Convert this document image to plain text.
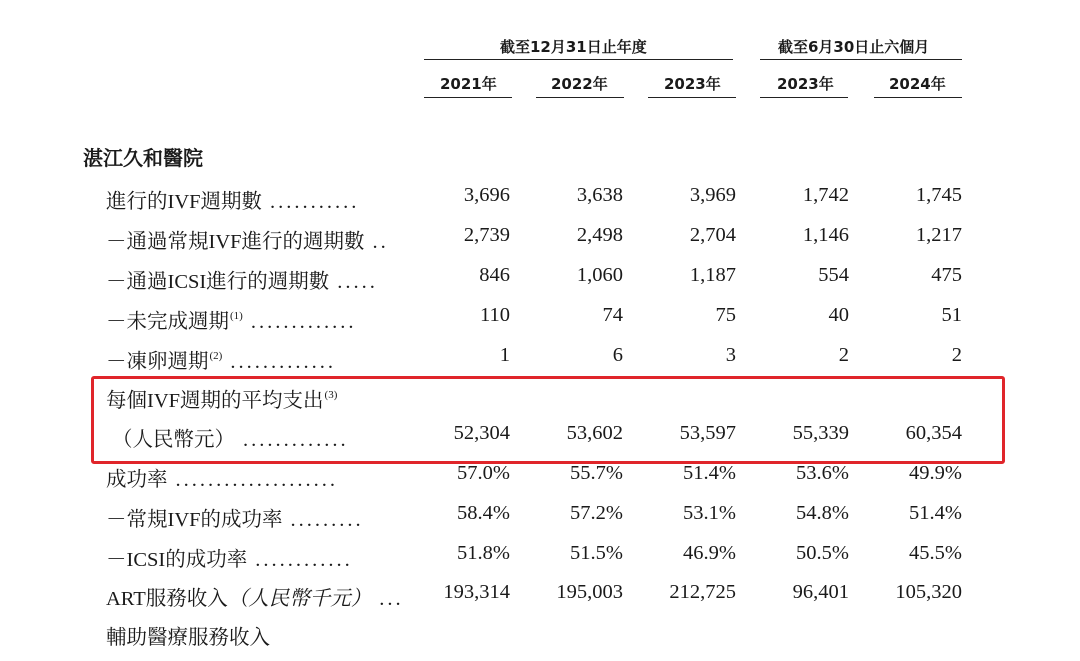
截至12月31日止年度	截至6月30日止六個月
2021年	2022年	2023年	2023年	2024年
湛江久和醫院
進行的IVF週期數 ...........	3,696	3,638	3,969	1,742	1,745
－通過常規IVF進行的週期數 ..	2,739	2,498	2,704	1,146	1,217
－通過ICSI進行的週期數 .....	846	1,060	1,187	554	475
－未完成週期$^{(1)}$ .............	110	74	75	40	51
－凍卵週期$^{(2)}$ .............	1	6	3	2	2
每個IVF週期的平均支出$^{(3)}$
（人民幣元） .............	52,304	53,602	53,597	55,339	60,354
成功率 ....................	57.0%	55.7%	51.4%	53.6%	49.9%
－常規IVF的成功率 .........	58.4%	57.2%	53.1%	54.8%	51.4%
－ICSI的成功率 ............	51.8%	51.5%	46.9%	50.5%	45.5%
ART服務收入（人民幣千元） ... 193,314 195,003 212,725	96,401 105,320
輔助醫療服務收入
